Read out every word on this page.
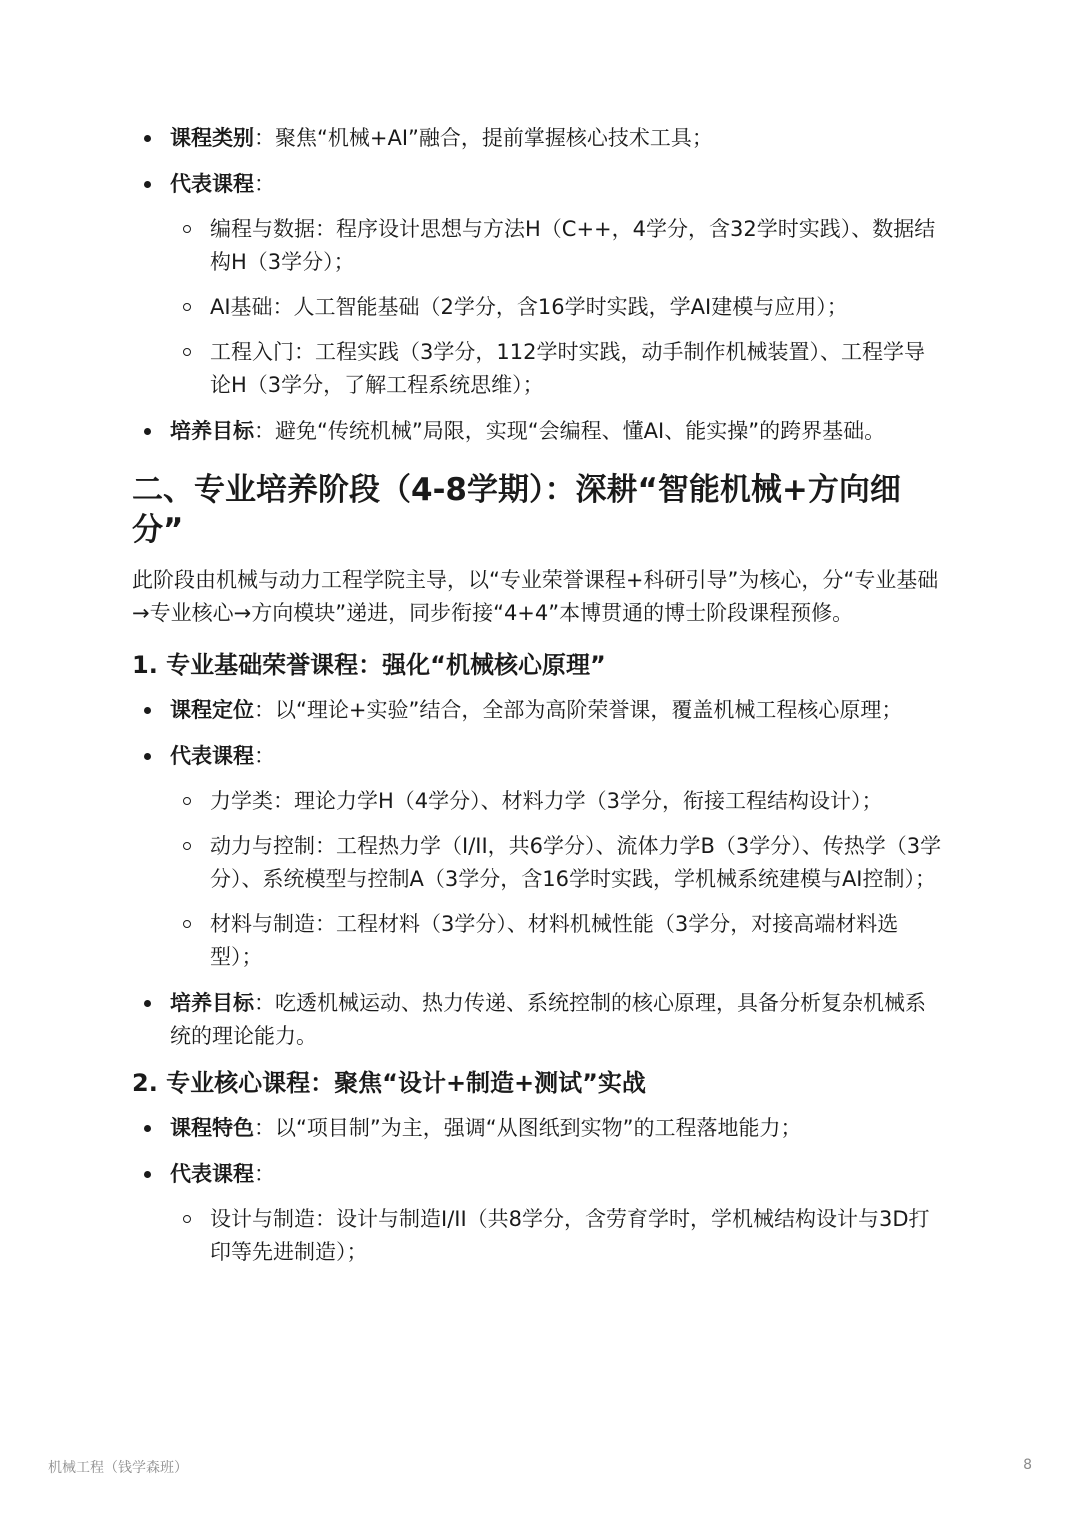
课程类别：聚焦“机械+AI”融合，提前掌握核心技术工具；
代表课程：
编程与数据：程序设计思想与方法H（C++，4学分，含32学时实践）、数据结构H（3学分）；
AI基础：人工智能基础（2学分，含16学时实践，学AI建模与应用）；
工程入门：工程实践（3学分，112学时实践，动手制作机械装置）、工程学导论H（3学分，了解工程系统思维）；
培养目标：避免“传统机械”局限，实现“会编程、懂AI、能实操”的跨界基础。
二、专业培养阶段（4-8学期）：深耕“智能机械+方向细分”

此阶段由机械与动力工程学院主导，以“专业荣誉课程+科研引导”为核心，分“专业基础→专业核心→方向模块”递进，同步衔接“4+4”本博贯通的博士阶段课程预修。

1. 专业基础荣誉课程：强化“机械核心原理”
课程定位：以“理论+实验”结合，全部为高阶荣誉课，覆盖机械工程核心原理；
代表课程：
力学类：理论力学H（4学分）、材料力学（3学分，衔接工程结构设计）；
动力与控制：工程热力学（I/II，共6学分）、流体力学B（3学分）、传热学（3学分）、系统模型与控制A（3学分，含16学时实践，学机械系统建模与AI控制）；
材料与制造：工程材料（3学分）、材料机械性能（3学分，对接高端材料选型）；
培养目标：吃透机械运动、热力传递、系统控制的核心原理，具备分析复杂机械系统的理论能力。
2. 专业核心课程：聚焦“设计+制造+测试”实战
课程特色：以“项目制”为主，强调“从图纸到实物”的工程落地能力；
代表课程：
设计与制造：设计与制造I/II（共8学分，含劳育学时，学机械结构设计与3D打印等先进制造）；
机械工程（钱学森班）	8
